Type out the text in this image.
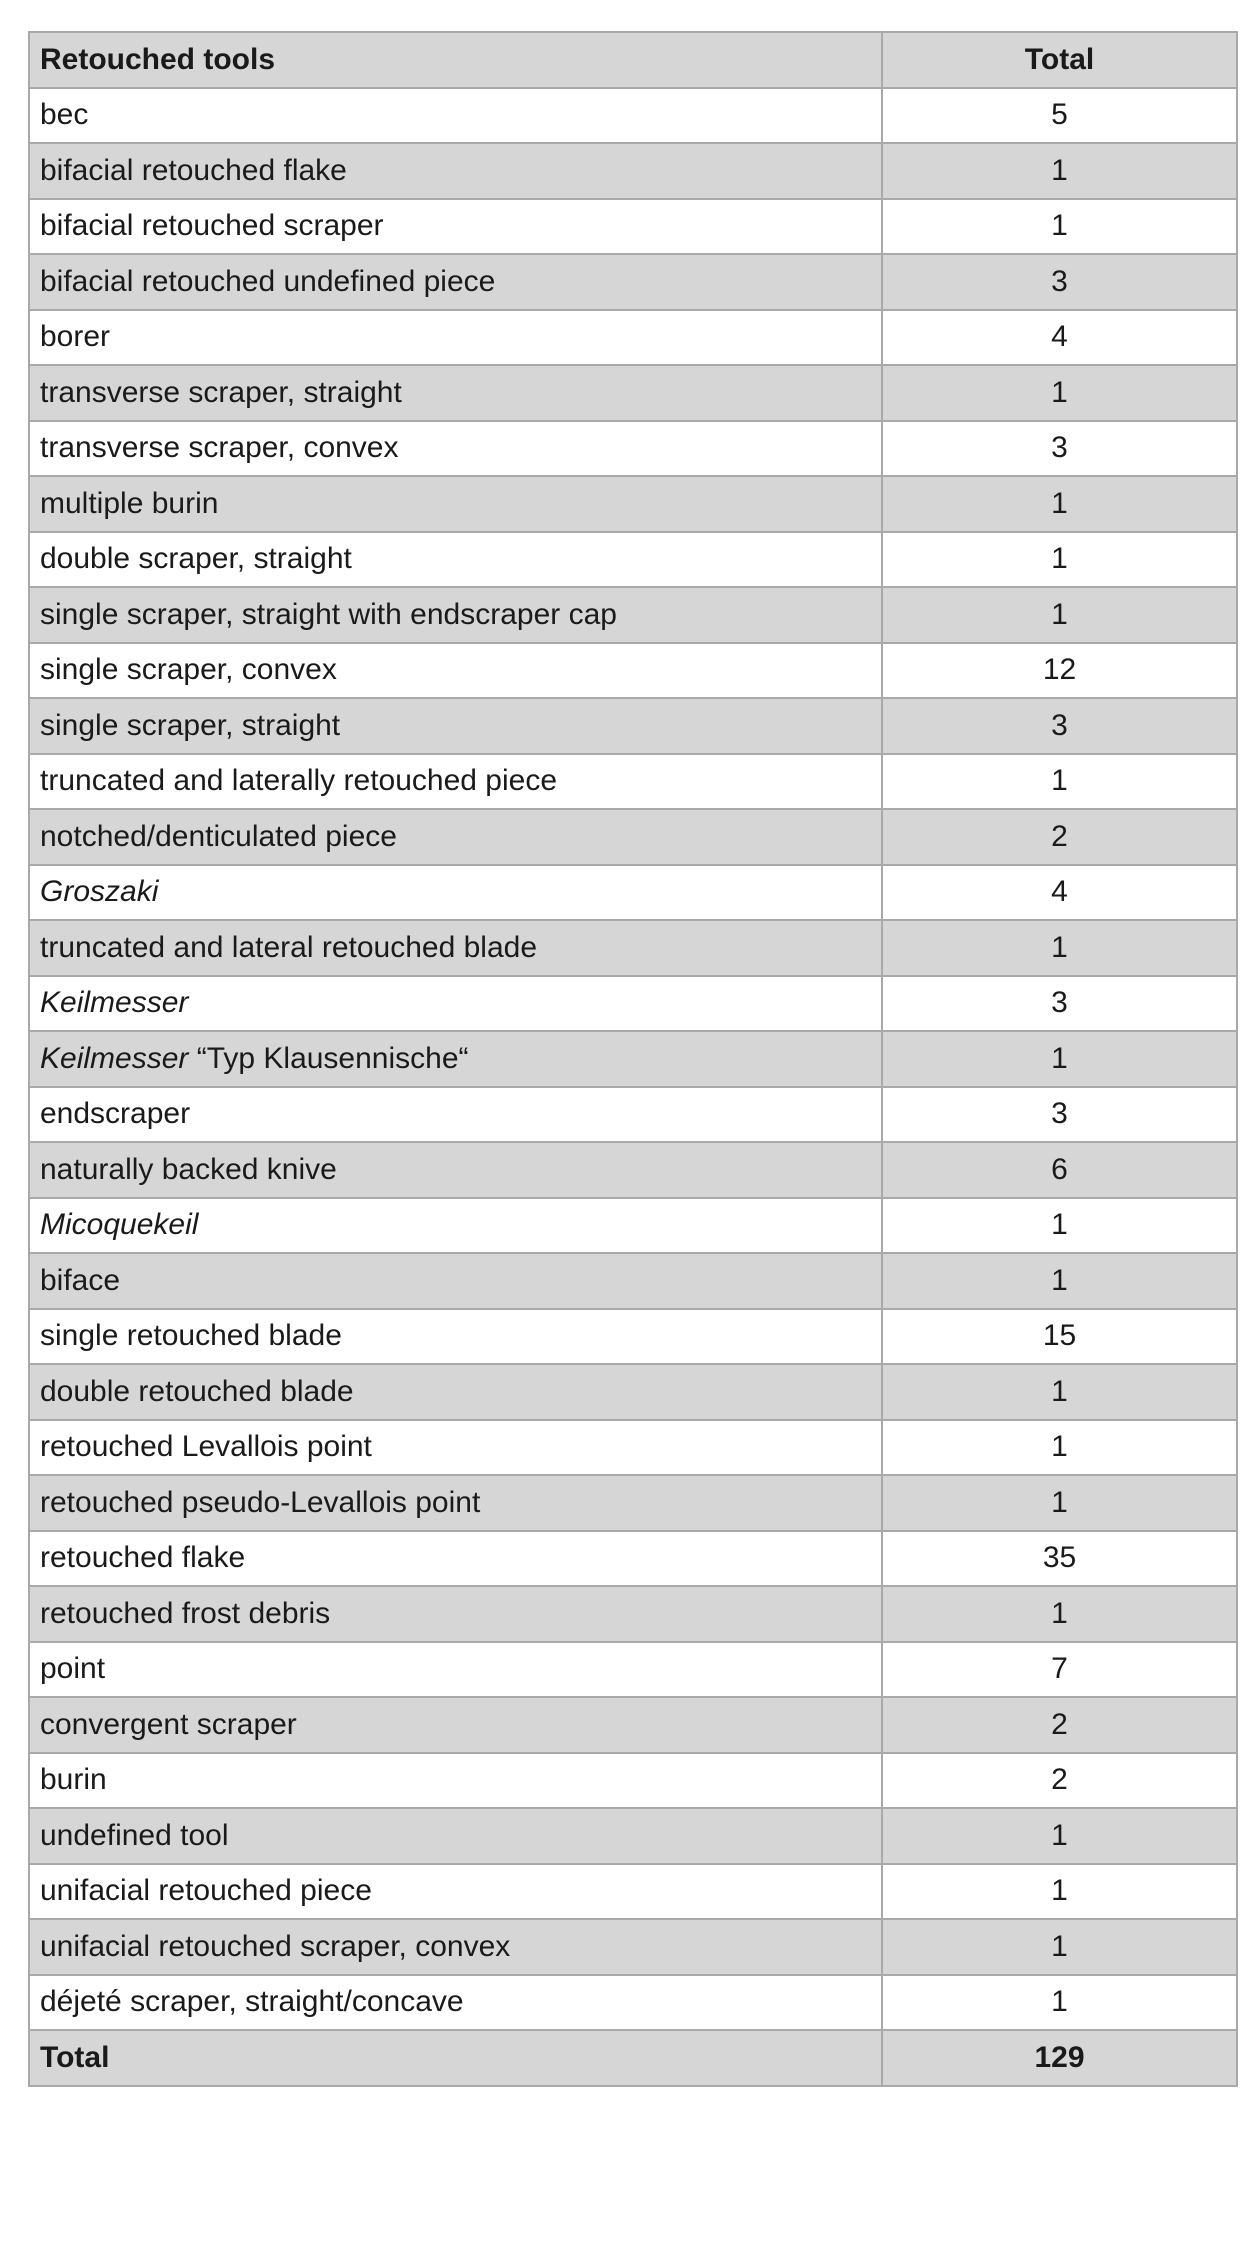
Retouched tools	Total
bec	5
bifacial retouched flake	1
bifacial retouched scraper	1
bifacial retouched undefined piece	3
borer	4
transverse scraper, straight	1
transverse scraper, convex	3
multiple burin	1
double scraper, straight	1
single scraper, straight with endscraper cap	1
single scraper, convex	12
single scraper, straight	3
truncated and laterally retouched piece	1
notched/denticulated piece	2
Groszaki	4
truncated and lateral retouched blade	1
Keilmesser	3
Keilmesser “Typ Klausennische“	1
endscraper	3
naturally backed knive	6
Micoquekeil	1
biface	1
single retouched blade	15
double retouched blade	1
retouched Levallois point	1
retouched pseudo-Levallois point	1
retouched flake	35
retouched frost debris	1
point	7
convergent scraper	2
burin	2
undefined tool	1
unifacial retouched piece	1
unifacial retouched scraper, convex	1
déjeté scraper, straight/concave	1
Total	129
